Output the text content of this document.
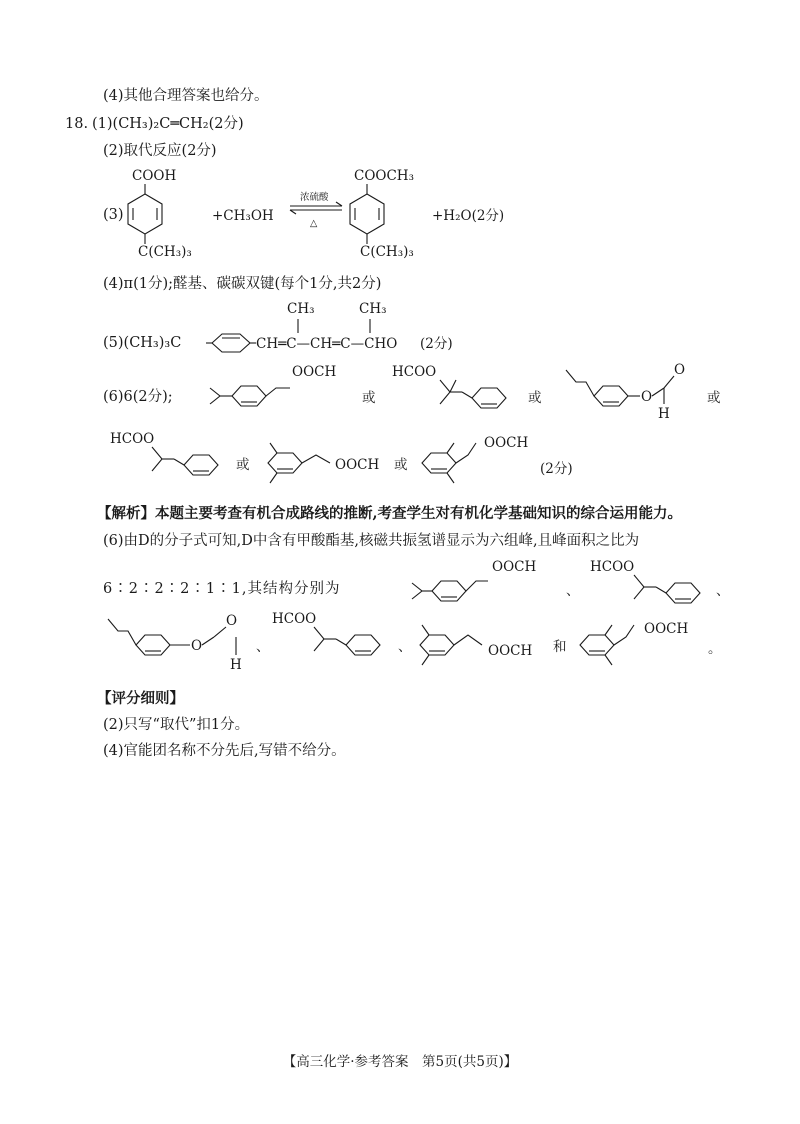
(4)其他合理答案也给分。
18. (1)(CH₃)₂C═CH₂(2分)
(2)取代反应(2分)
(3)
COOH
C(CH₃)₃
+CH₃OH
浓硫酸
△
COOCH₃
C(CH₃)₃
+H₂O(2分)
(4)π(1分);醛基、碳碳双键(每个1分,共2分)
(5)(CH₃)₃C	CH═C—CH═C—CHO
CH₃	CH₃
(2分)
(6)6(2分);
OOCH
或
HCOO
或	O
O
H
或
HCOO
或	OOCH 或
OOCH
(2分)
【解析】本题主要考查有机合成路线的推断,考查学生对有机化学基础知识的综合运用能力。
(6)由D的分子式可知,D中含有甲酸酯基,核磁共振氢谱显示为六组峰,且峰面积之比为
6∶2∶2∶2∶1∶1,其结构分别为
OOCH
、
HCOO
、
O
O
H
、
HCOO
、	OOCH 和
OOCH
。
【评分细则】
(2)只写“取代”扣1分。
(4)官能团名称不分先后,写错不给分。
【高三化学·参考答案　第5页(共5页)】
